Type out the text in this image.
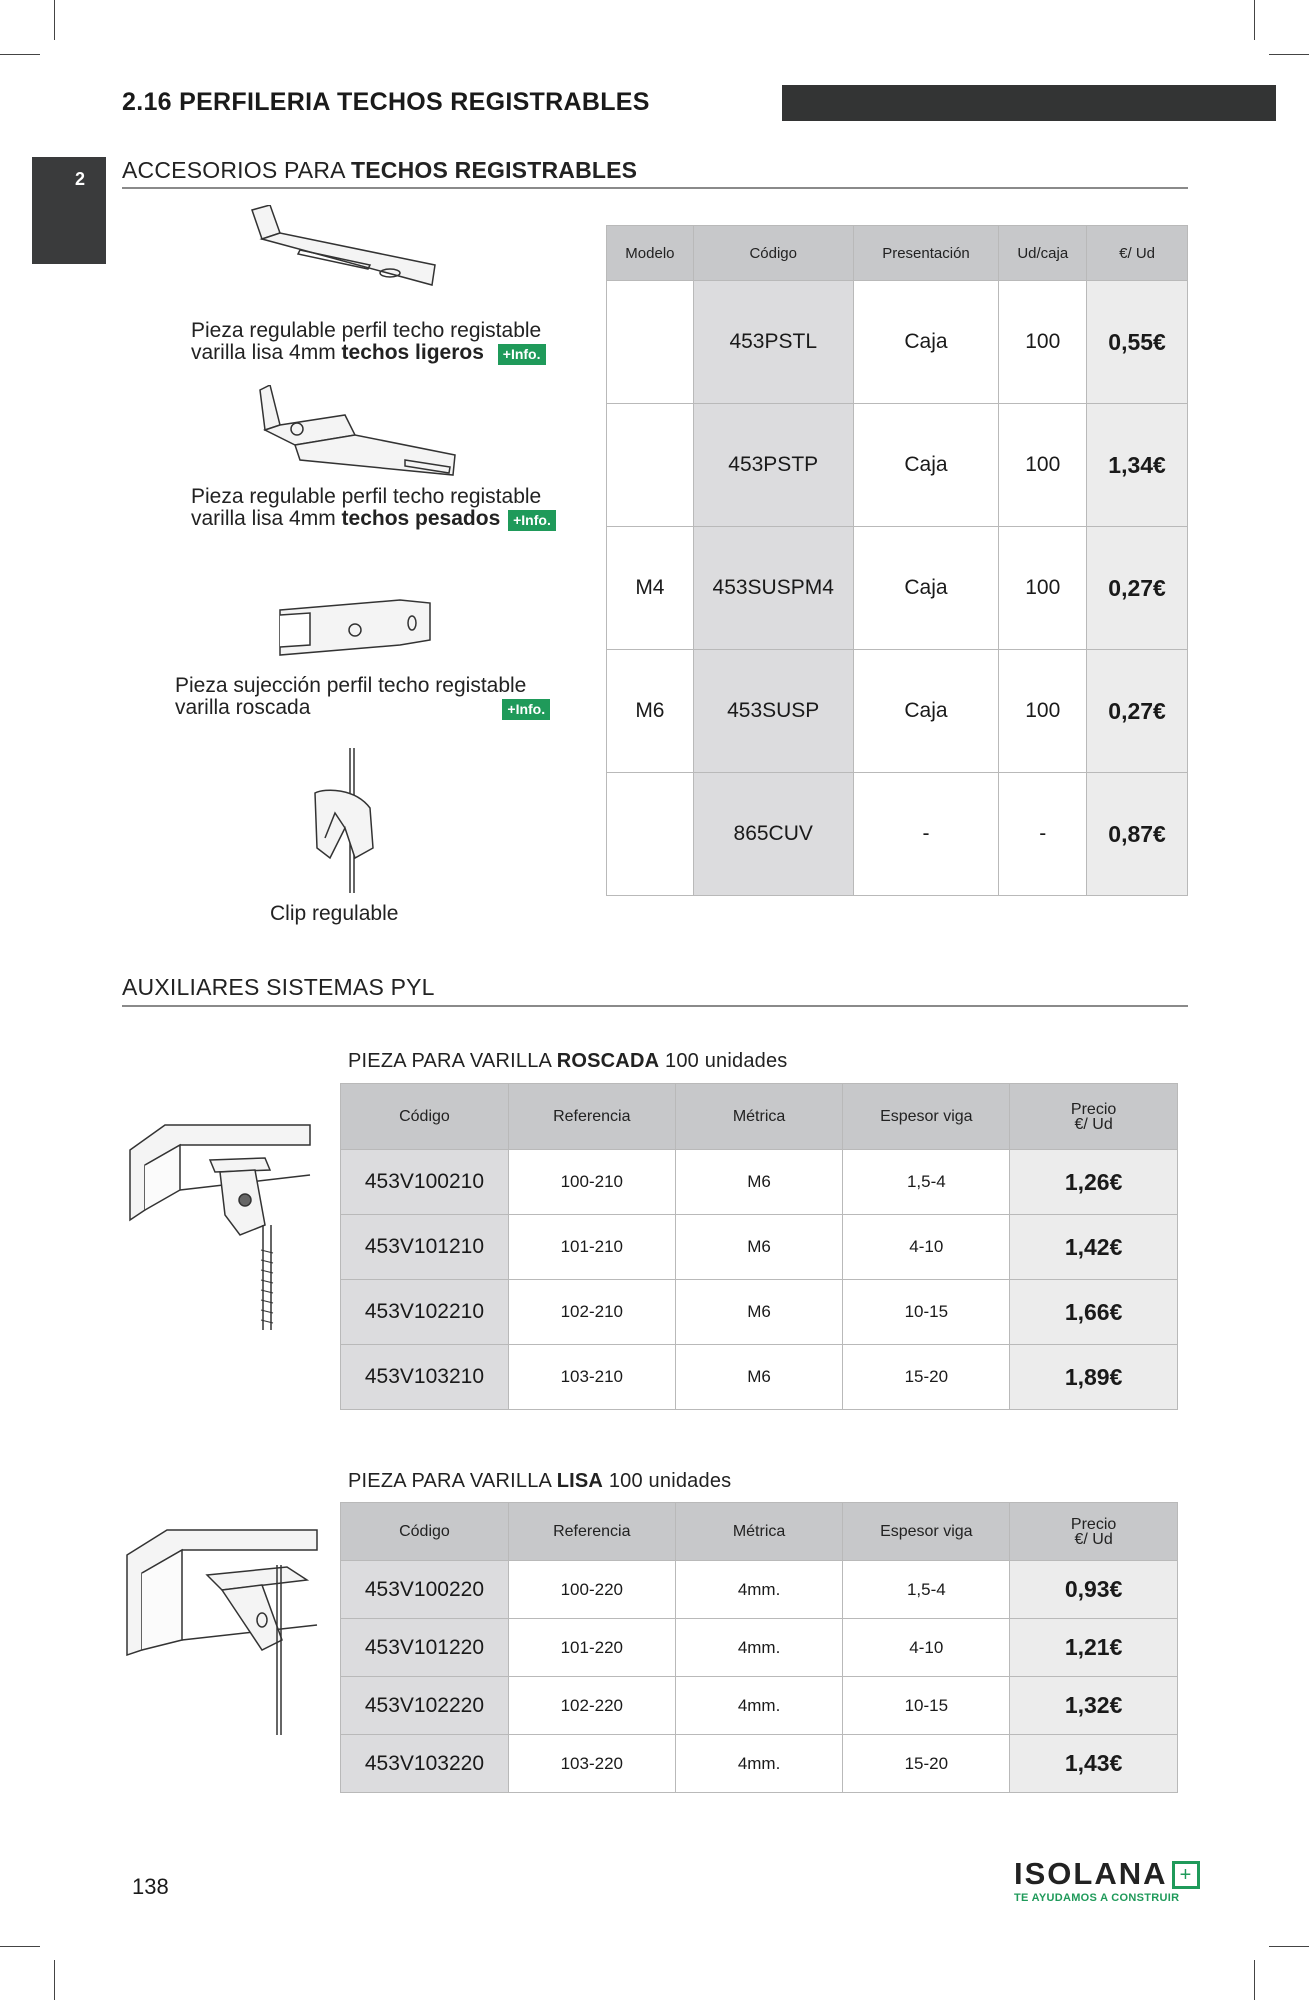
2.16 PERFILERIA TECHOS REGISTRABLES
2 ACCESORIOS PARA TECHOS REGISTRABLES
Pieza regulable perfil techo registable
varilla lisa 4mm techos ligeros +Info.
Pieza regulable perfil techo registable
varilla lisa 4mm techos pesados +Info.
Pieza sujección perfil techo registable
varilla roscada	+Info.
Clip regulable
Modelo	Código	Presentación	Ud/caja	€/ Ud
	453PSTL	Caja	100	0,55€
	453PSTP	Caja	100	1,34€
M4	453SUSPM4	Caja	100	0,27€
M6	453SUSP	Caja	100	0,27€
	865CUV	-	-	0,87€
AUXILIARES SISTEMAS PYL
PIEZA PARA VARILLA ROSCADA 100 unidades
Código	Referencia	Métrica	Espesor viga	Precio
€/ Ud

453V100210	100-210	M6	1,5-4	1,26€
453V101210	101-210	M6	4-10	1,42€
453V102210	102-210	M6	10-15	1,66€
453V103210	103-210	M6	15-20	1,89€
PIEZA PARA VARILLA LISA 100 unidades
Código	Referencia	Métrica	Espesor viga	Precio
€/ Ud

453V100220	100-220	4mm.	1,5-4	0,93€
453V101220	101-220	4mm.	4-10	1,21€
453V102220	102-220	4mm.	10-15	1,32€
453V103220	103-220	4mm.	15-20	1,43€
138	ISOLANA +
TE AYUDAMOS A CONSTRUIR
